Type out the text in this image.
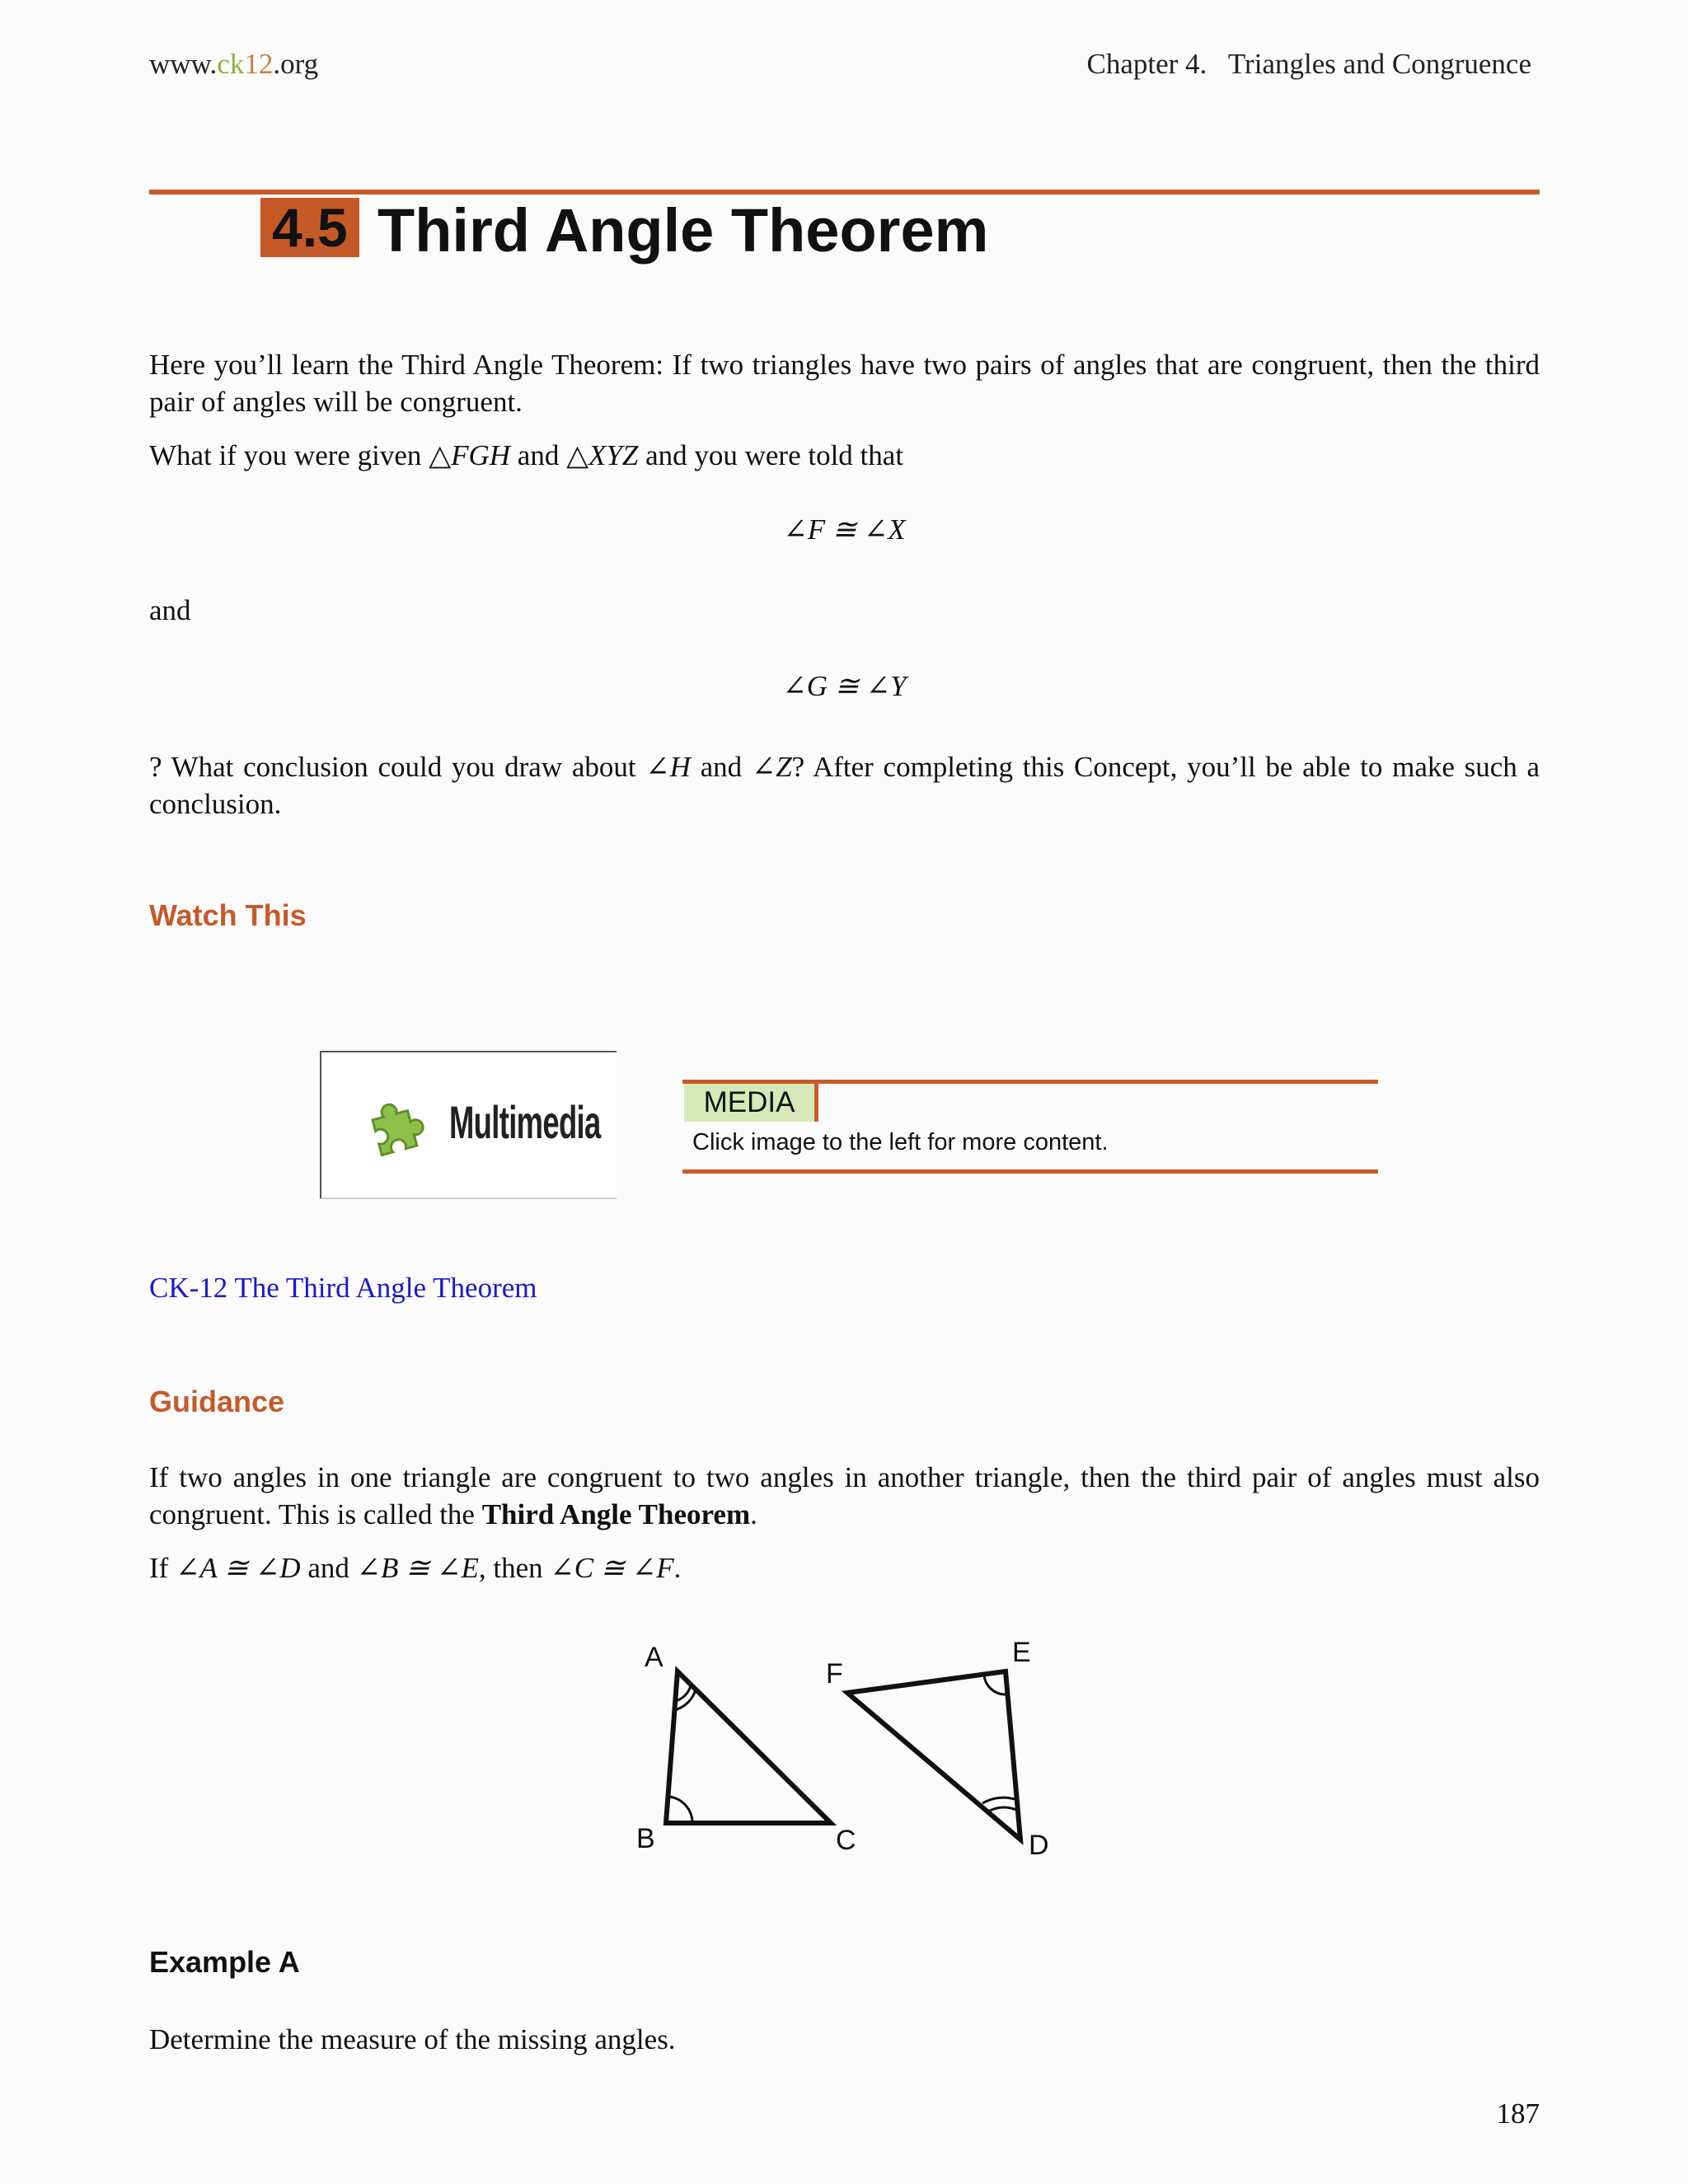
www.ck12.org	Chapter 4.   Triangles and Congruence
4.5 Third Angle Theorem
Here you’ll learn the Third Angle Theorem: If two triangles have two pairs of angles that are congruent, then the third pair of angles will be congruent.
What if you were given △FGH and △XYZ and you were told that
∠F ≅ ∠X
and
∠G ≅ ∠Y
? What conclusion could you draw about ∠H and ∠Z? After completing this Concept, you’ll be able to make such a conclusion.
Watch This
Multimedia	MEDIA
Click image to the left for more content.
CK-12 The Third Angle Theorem
Guidance
If two angles in one triangle are congruent to two angles in another triangle, then the third pair of angles must also congruent. This is called the Third Angle Theorem.
If ∠A ≅ ∠D and ∠B ≅ ∠E, then ∠C ≅ ∠F.
A
B	C
F
E
D
Example A
Determine the measure of the missing angles.
187
